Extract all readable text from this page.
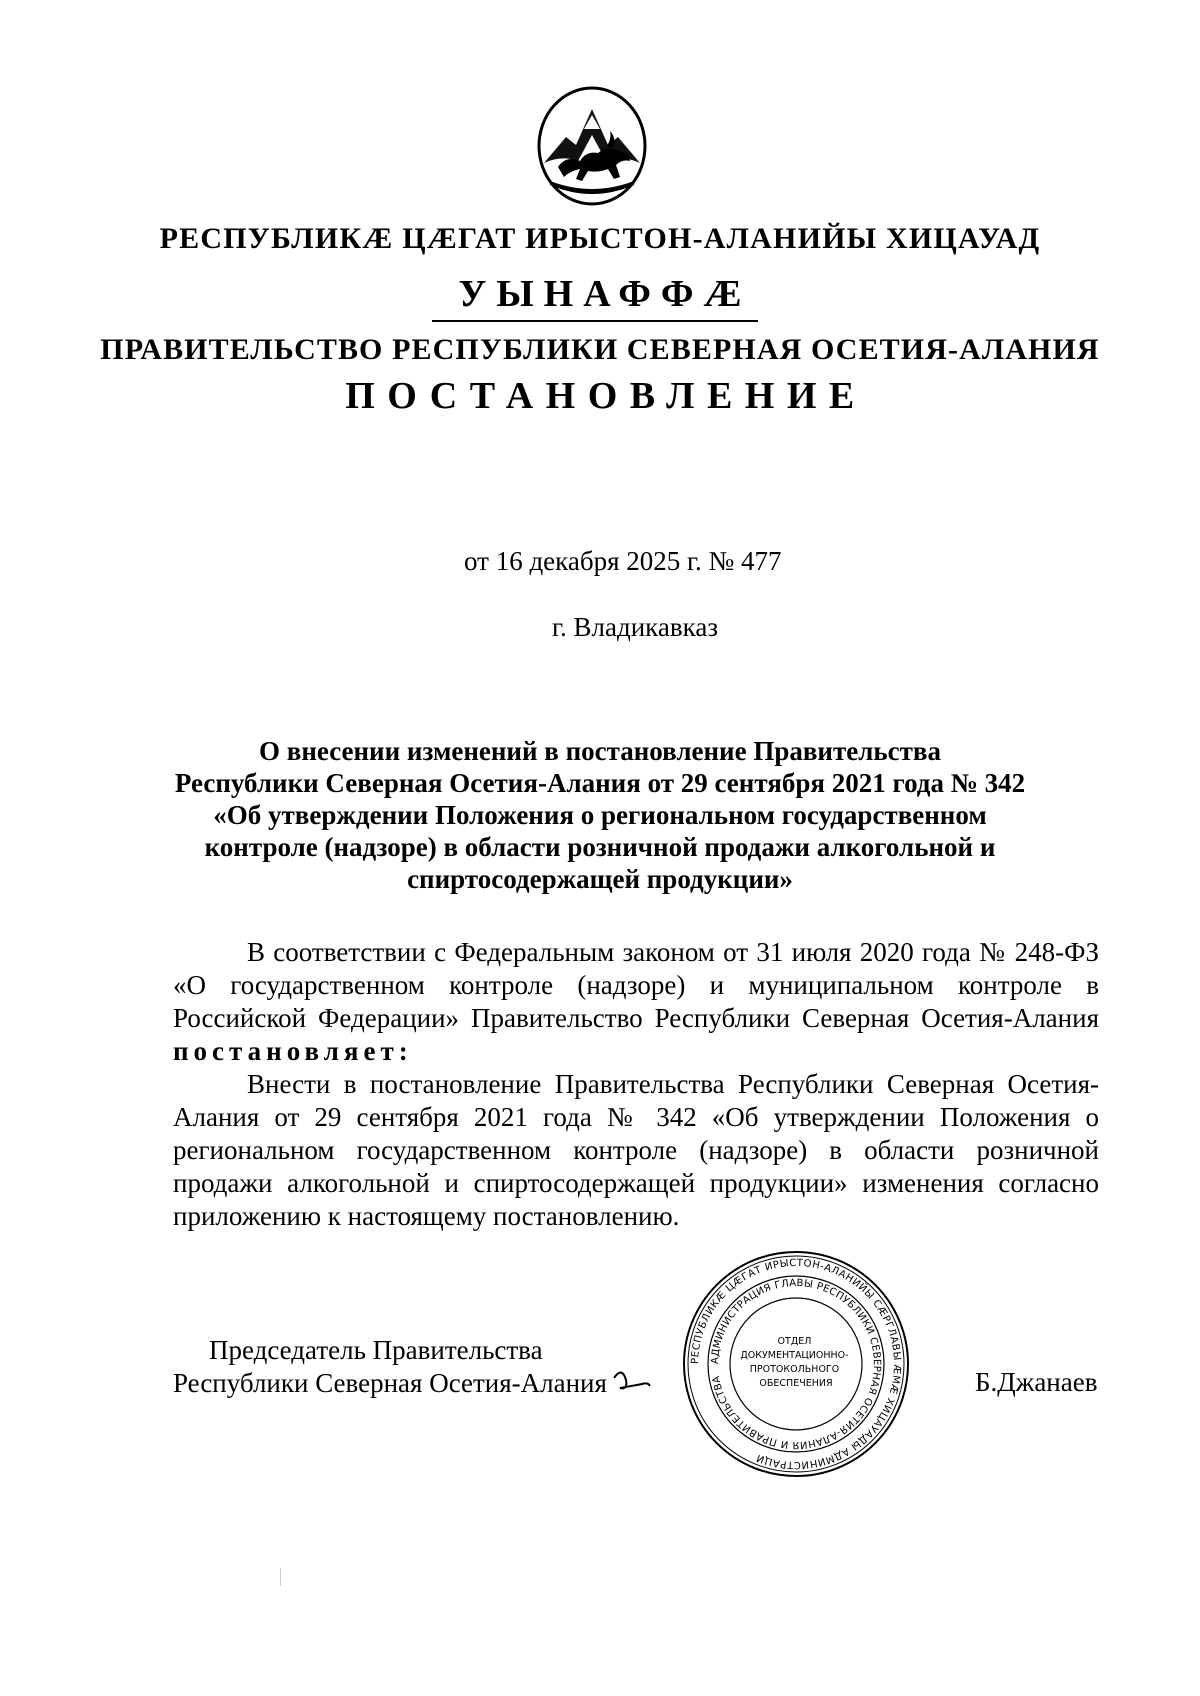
РЕСПУБЛИКÆ ЦÆГАТ ИРЫСТОН-АЛАНИЙЫ ХИЦАУАД
УЫНАФФÆ
ПРАВИТЕЛЬСТВО РЕСПУБЛИКИ СЕВЕРНАЯ ОСЕТИЯ-АЛАНИЯ
ПОСТАНОВЛЕНИЕ
от 16 декабря 2025 г. № 477
г. Владикавказ
О внесении изменений в постановление Правительства
Республики Северная Осетия-Алания от 29 сентября 2021 года № 342
«Об утверждении Положения о региональном государственном
контроле (надзоре) в области розничной продажи алкогольной и
спиртосодержащей продукции»

В соответствии с Федеральным законом от 31 июля 2020 года № 248-ФЗ «О государственном контроле (надзоре) и муниципальном контроле в Российской Федерации» Правительство Республики Северная Осетия-Алания постановляет:

Внести в постановление Правительства Республики Северная Осетия-Алания от 29 сентября 2021 года № 342 «Об утверждении Положения о региональном государственном контроле (надзоре) в области розничной продажи алкогольной и спиртосодержащей продукции» изменения согласно приложению к настоящему постановлению.

Председатель Правительства
Республики Северная Осетия-Алания
РЕСПУБЛИКÆ ЦÆГАТ ИРЫСТОН-АЛАНИЙЫ СÆРГЛАВЫ ÆМÆ ХИЦАУАДЫ АДМИНИСТРАЦИ
АДМИНИСТРАЦИЯ ГЛАВЫ РЕСПУБЛИКИ СЕВЕРНАЯ ОСЕТИЯ-АЛАНИЯ И ПРАВИТЕЛЬСТВА
ОТДЕЛ ДОКУМЕНТАЦИОННО- ПРОТОКОЛЬНОГО ОБЕСПЕЧЕНИЯ	Б.Джанаев
